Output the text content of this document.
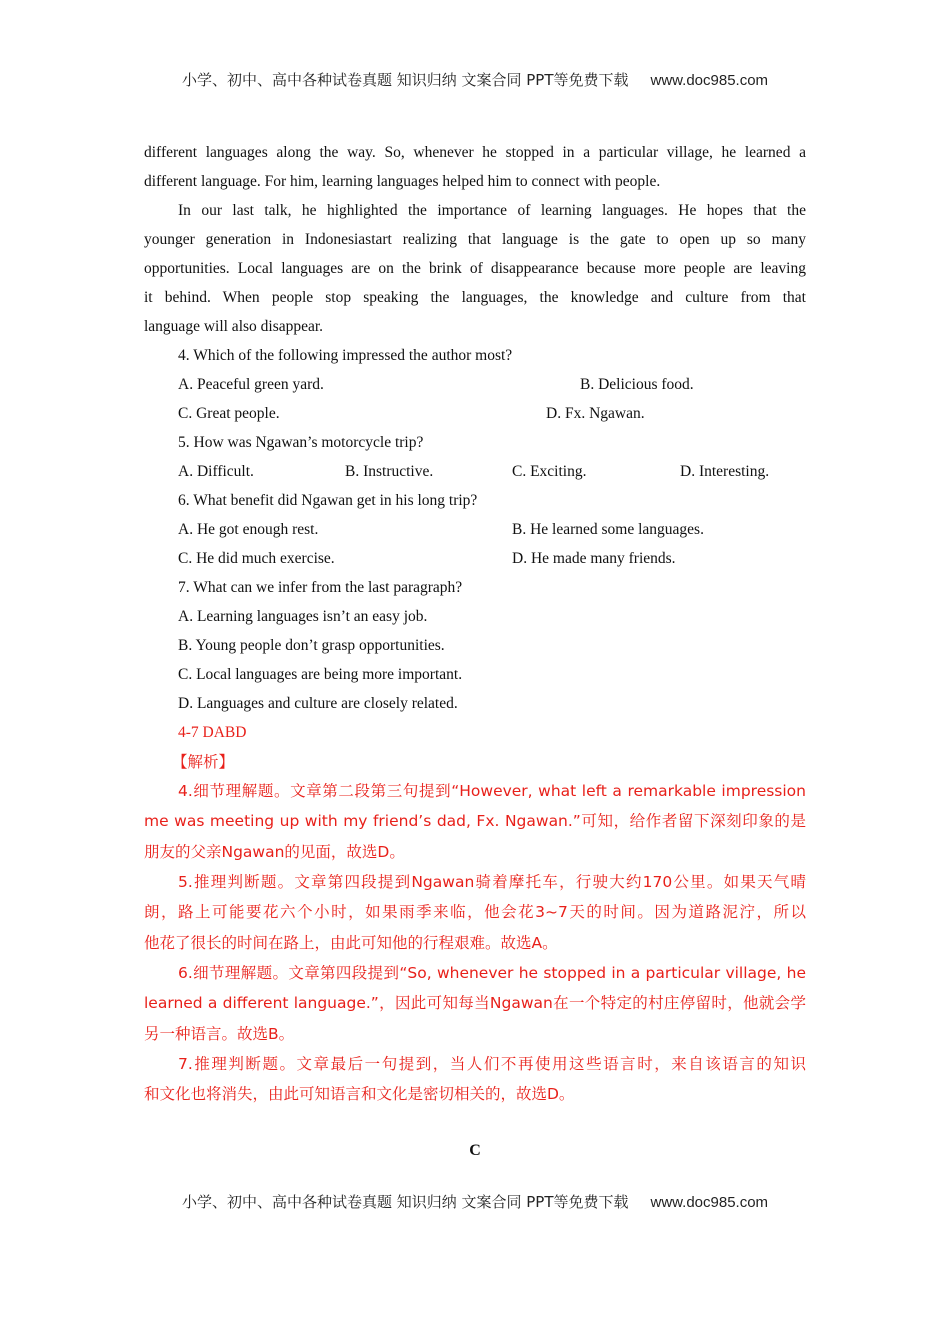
小学、初中、高中各种试卷真题 知识归纳 文案合同 PPT等免费下载 www.doc985.com
different languages along the way. So, whenever he stopped in a particular village, he learned a
different language. For him, learning languages helped him to connect with people.
In our last talk, he highlighted the importance of learning languages. He hopes that the
younger generation in Indonesiastart realizing that language is the gate to open up so many
opportunities. Local languages are on the brink of disappearance because more people are leaving
it behind. When people stop speaking the languages, the knowledge and culture from that
language will also disappear.
4. Which of the following impressed the author most?
A. Peaceful green yard.	B. Delicious food.
C. Great people.	D. Fx. Ngawan.
5. How was Ngawan’s motorcycle trip?
A. Difficult.	B. Instructive.	C. Exciting.	D. Interesting.
6. What benefit did Ngawan get in his long trip?
A. He got enough rest.	B. He learned some languages.
C. He did much exercise.	D. He made many friends.
7. What can we infer from the last paragraph?
A. Learning languages isn’t an easy job.
B. Young people don’t grasp opportunities.
C. Local languages are being more important.
D. Languages and culture are closely related.
4-7 DABD
【解析】
4.细节理解题。文章第二段第三句提到“However, what left a remarkable impression
me was meeting up with my friend’s dad, Fx. Ngawan.”可知，给作者留下深刻印象的是
朋友的父亲Ngawan的见面，故选D。
5.推理判断题。文章第四段提到Ngawan骑着摩托车，行驶大约170公里。如果天气晴
朗，路上可能要花六个小时，如果雨季来临，他会花3~7天的时间。因为道路泥泞，所以
他花了很长的时间在路上，由此可知他的行程艰难。故选A。
6.细节理解题。文章第四段提到“So, whenever he stopped in a particular village, he
learned a different language.”，因此可知每当Ngawan在一个特定的村庄停留时，他就会学
另一种语言。故选B。
7.推理判断题。文章最后一句提到，当人们不再使用这些语言时，来自该语言的知识
和文化也将消失，由此可知语言和文化是密切相关的，故选D。
C
小学、初中、高中各种试卷真题 知识归纳 文案合同 PPT等免费下载 www.doc985.com
